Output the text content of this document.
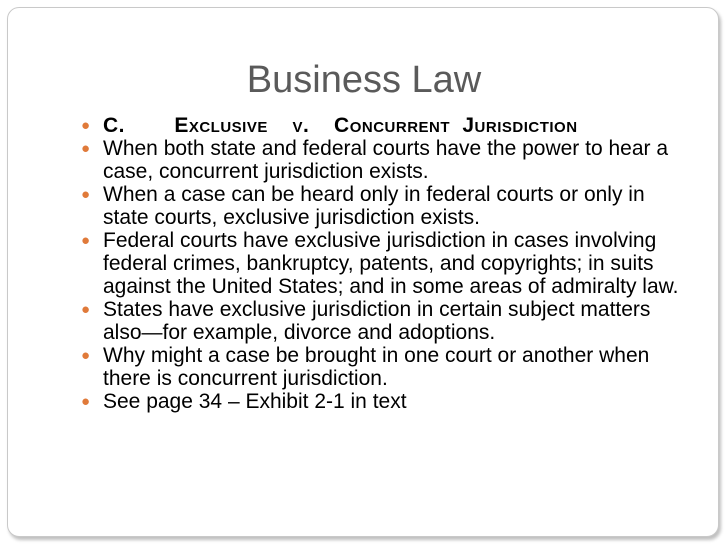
Business Law
● C.    Exclusive  v.  Concurrent Jurisdiction
● When both state and federal courts have the power to hear a case, concurrent jurisdiction exists.
● When a case can be heard only in federal courts or only in state courts, exclusive jurisdiction exists.
● Federal courts have exclusive jurisdiction in cases involving federal crimes, bankruptcy, patents, and copyrights; in suits against the United States; and in some areas of admiralty law.
● States have exclusive jurisdiction in certain subject matters also—for example, divorce and adoptions.
● Why might a case be brought in one court or another when there is concurrent jurisdiction.
● See page 34 – Exhibit 2-1 in text
